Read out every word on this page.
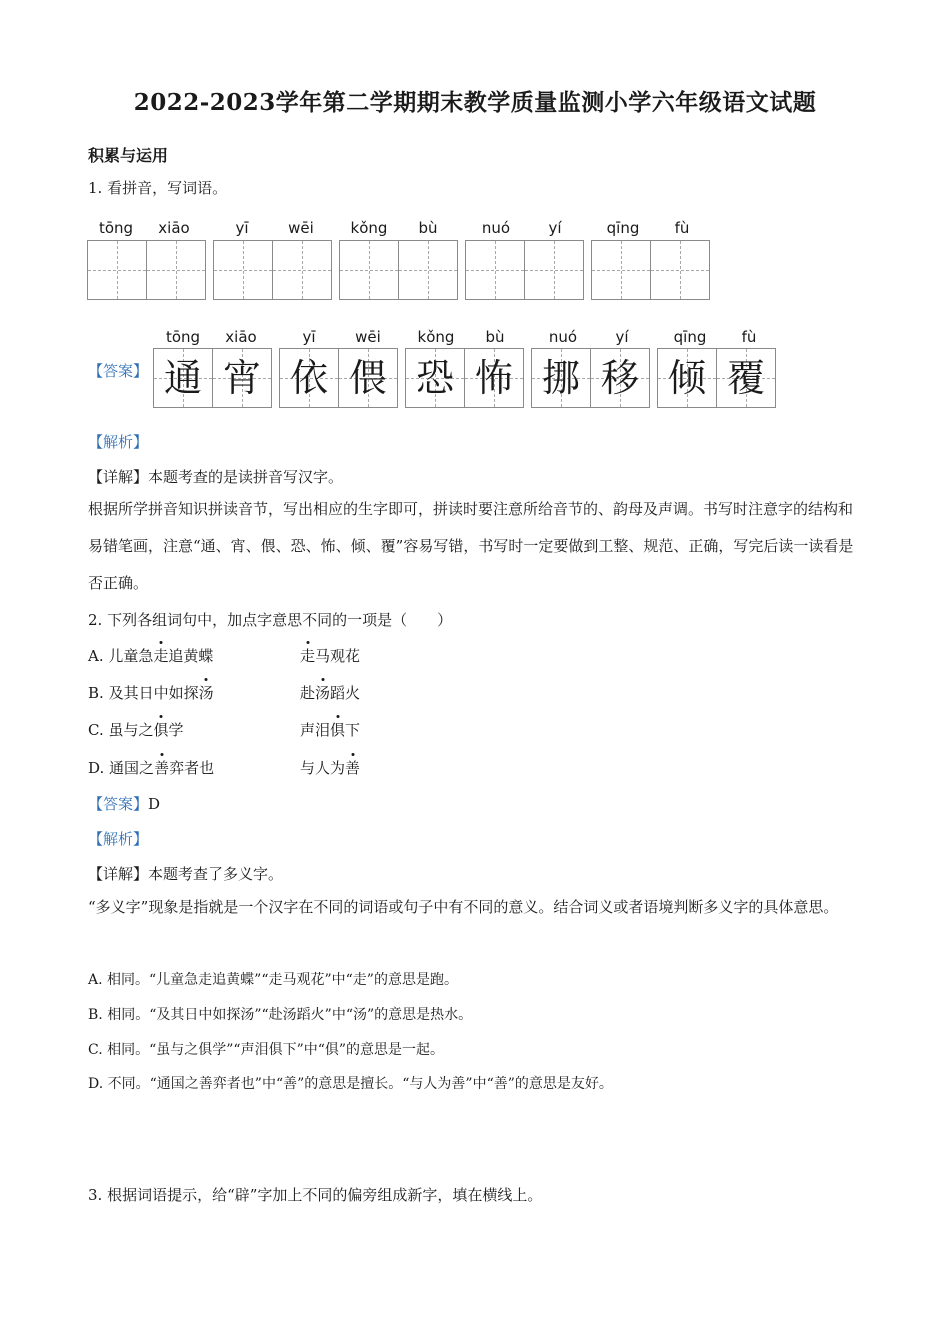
2022-2023学年第二学期期末教学质量监测小学六年级语文试题
积累与运用
1. 看拼音，写词语。
tōng	xiāo	yī	wēi	kǒng	bù	nuó	yí	qīng	fù
tōng	xiāo	yī	wēi	kǒng	bù	nuó	yí	qīng	fù
【答案】 通 宵 依 偎 恐 怖 挪 移 倾 覆
【解析】
【详解】本题考查的是读拼音写汉字。
根据所学拼音知识拼读音节，写出相应的生字即可，拼读时要注意所给音节的、韵母及声调。书写时注意字的结构和易错笔画，注意“通、宵、偎、恐、怖、倾、覆”容易写错，书写时一定要做到工整、规范、正确，写完后读一读看是否正确。
2. 下列各组词句中，加点字意思不同的一项是（　　）
A. 儿童急走追黄蝶	走马观花
B. 及其日中如探汤	赴汤蹈火
C. 虽与之俱学	声泪俱下
D. 通国之善弈者也	与人为善
【答案】D
【解析】
【详解】本题考查了多义字。
“多义字”现象是指就是一个汉字在不同的词语或句子中有不同的意义。结合词义或者语境判断多义字的具体意思。
A. 相同。“儿童急走追黄蝶”“走马观花”中“走”的意思是跑。
B. 相同。“及其日中如探汤”“赴汤蹈火”中“汤”的意思是热水。
C. 相同。“虽与之俱学”“声泪俱下”中“俱”的意思是一起。
D. 不同。“通国之善弈者也”中“善”的意思是擅长。“与人为善”中“善”的意思是友好。
3. 根据词语提示，给“辟”字加上不同的偏旁组成新字，填在横线上。
